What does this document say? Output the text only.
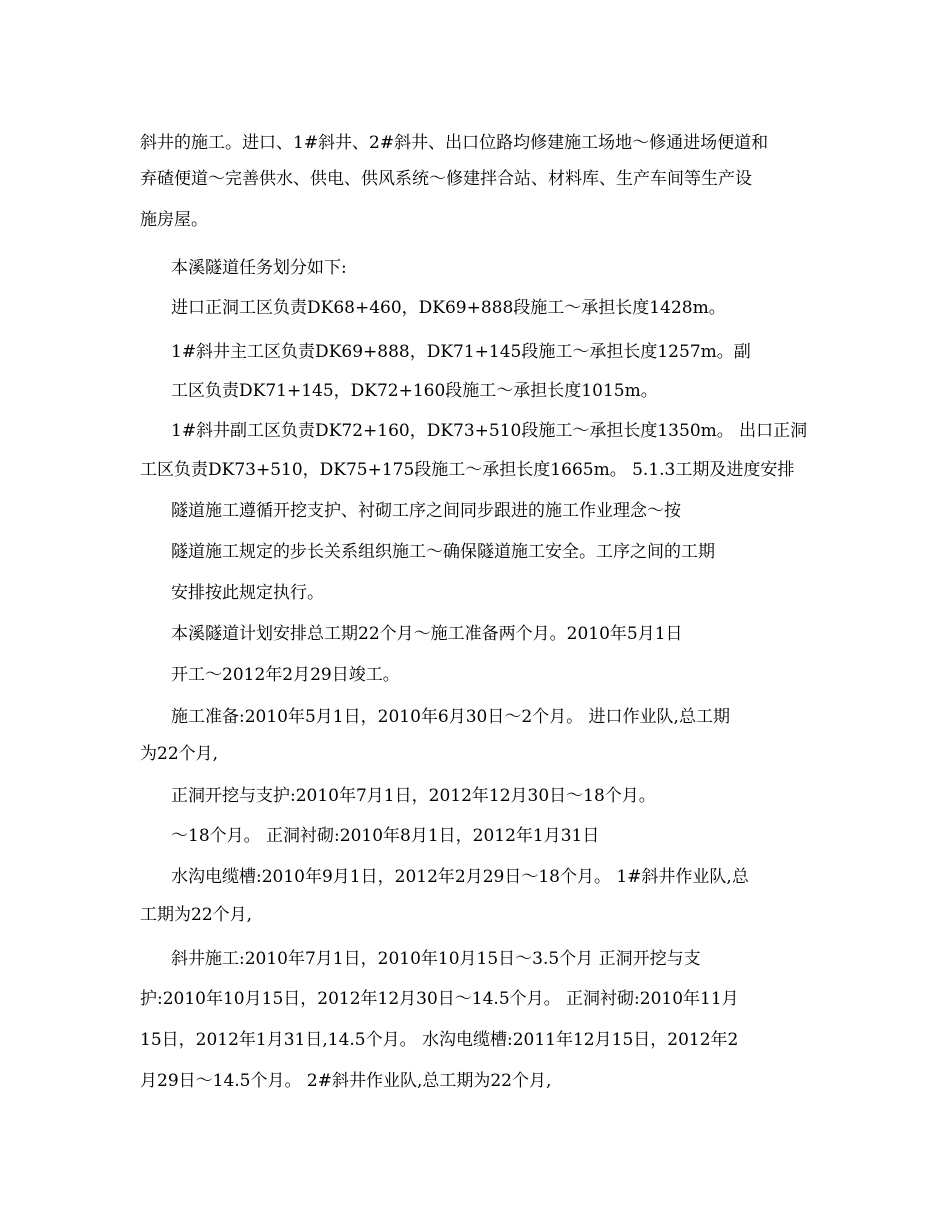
斜井的施工。进口、1#斜井、2#斜井、出口位路均修建施工场地～修通进场便道和
弃碴便道～完善供水、供电、供风系统～修建拌合站、材料库、生产车间等生产设
施房屋。
本溪隧道任务划分如下:
进口正洞工区负责DK68+460，DK69+888段施工～承担长度1428m。
1#斜井主工区负责DK69+888，DK71+145段施工～承担长度1257m。副
工区负责DK71+145，DK72+160段施工～承担长度1015m。
1#斜井副工区负责DK72+160，DK73+510段施工～承担长度1350m。 出口正洞
工区负责DK73+510，DK75+175段施工～承担长度1665m。 5.1.3工期及进度安排
隧道施工遵循开挖支护、衬砌工序之间同步跟进的施工作业理念～按
隧道施工规定的步长关系组织施工～确保隧道施工安全。工序之间的工期
安排按此规定执行。
本溪隧道计划安排总工期22个月～施工准备两个月。2010年5月1日
开工～2012年2月29日竣工。
施工准备:2010年5月1日，2010年6月30日～2个月。 进口作业队,总工期
为22个月,
正洞开挖与支护:2010年7月1日，2012年12月30日～18个月。
～18个月。 正洞衬砌:2010年8月1日，2012年1月31日
水沟电缆槽:2010年9月1日，2012年2月29日～18个月。 1#斜井作业队,总
工期为22个月,
斜井施工:2010年7月1日，2010年10月15日～3.5个月 正洞开挖与支
护:2010年10月15日，2012年12月30日～14.5个月。 正洞衬砌:2010年11月
15日，2012年1月31日,14.5个月。 水沟电缆槽:2011年12月15日，2012年2
月29日～14.5个月。 2#斜井作业队,总工期为22个月,
